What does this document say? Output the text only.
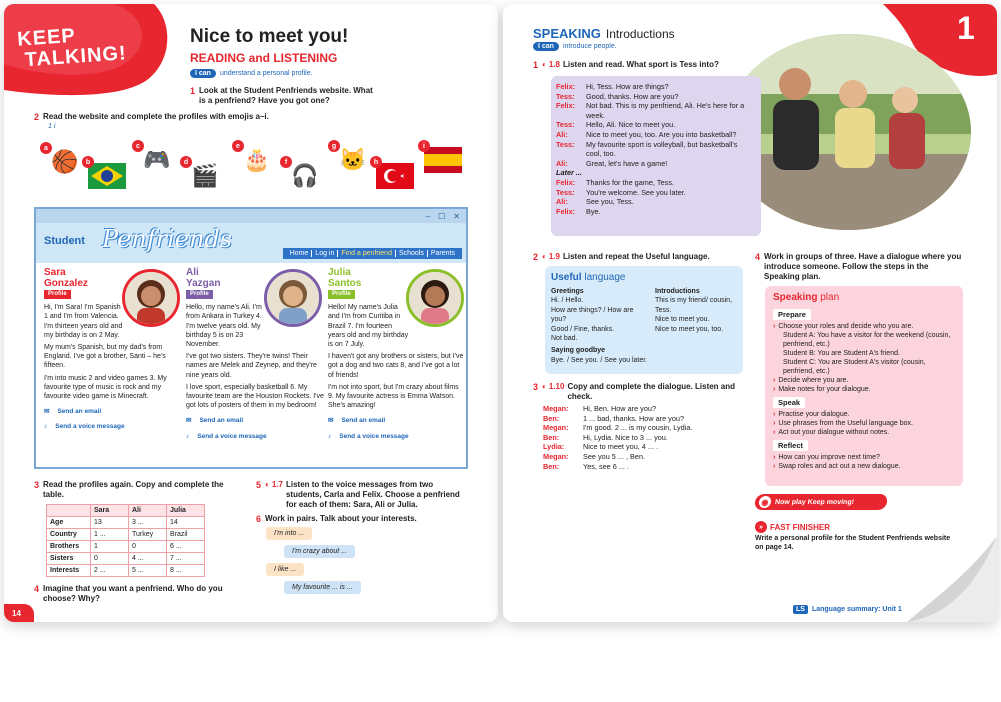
KEEP
TALKING!
Nice to meet you!
READING and LISTENING
I can	understand a personal profile.
1 Look at the Student Penfriends website. What is a penfriend? Have you got one?
2 Read the website and complete the profiles with emojis a–i.
1 i
a
🏀	b
c
🎮	d
🎬
e
🎂	f
🎧
g
🐱	h
i
– ☐ ✕
Student Penfriends
Home	Log in	Find a penfriend	Schools	Parents
Sara
Gonzalez
Profile
Hi, I'm Sara! I'm Spanish 1 and I'm from Valencia. I'm thirteen years old and my birthday is on 2 May.
My mum's Spanish, but my dad's from England. I've got a brother, Santi – he's fifteen.
I'm into music 2 and video games 3. My favourite type of music is rock and my favourite video game is Minecraft.
✉ Send an email
♪ Send a voice message
Ali
Yazgan
Profile
Hello, my name's Ali. I'm from Ankara in Turkey 4. I'm twelve years old. My birthday 5 is on 23 November.
I've got two sisters. They're twins! Their names are Melek and Zeynep, and they're nine years old.
I love sport, especially basketball 6. My favourite team are the Houston Rockets. I've got lots of posters of them in my bedroom!
✉ Send an email
♪ Send a voice message
Julia
Santos
Profile
Hello! My name's Julia and I'm from Curitiba in Brazil 7. I'm fourteen years old and my birthday is on 7 July.
I haven't got any brothers or sisters, but I've got a dog and two cats 8, and I've got a lot of friends!
I'm not into sport, but I'm crazy about films 9. My favourite actress is Emma Watson. She's amazing!
✉ Send an email
♪ Send a voice message
3 Read the profiles again. Copy and complete the table.
	Sara	Ali	Julia
Age	13	3 ...	14
Country	1 ...	Turkey	Brazil
Brothers	1	0	6 ...
Sisters	0	4 ...	7 ...
Interests	2 ...	5 ...	8 ...
4 Imagine that you want a penfriend. Who do you choose? Why?
5 ◐ 1.7 Listen to the voice messages from two students, Carla and Felix. Choose a penfriend for each of them: Sara, Ali or Julia.
6 Work in pairs. Talk about your interests.
I'm into ...
I'm crazy about ...
I like ...
My favourite ... is ...
14
1
SPEAKING Introductions
I can	introduce people.
1 ◐ 1.8 Listen and read. What sport is Tess into?
Felix:	Hi, Tess. How are things?
Tess:	Good, thanks. How are you?
Felix:	Not bad. This is my penfriend, Ali. He's here for a week.
Tess:	Hello, Ali. Nice to meet you.
Ali:	Nice to meet you, too. Are you into basketball?
Tess:	My favourite sport is volleyball, but basketball's cool, too.
Ali:	Great, let's have a game!
Later ...
Felix:	Thanks for the game, Tess.
Tess:	You're welcome. See you later.
Ali:	See you, Tess.
Felix:	Bye.
2 ◐ 1.9 Listen and repeat the Useful language.
Useful language
Greetings
Hi. / Hello.
How are things? / How are you?
Good / Fine, thanks.
Not bad.
Saying goodbye
Bye. / See you. / See you later.
Introductions
This is my friend/ cousin, Tess.
Nice to meet you.
Nice to meet you, too.
3 ◐ 1.10 Copy and complete the dialogue. Listen and check.
Megan:	Hi, Ben. How are you?
Ben:	1 ... bad, thanks. How are you?
Megan:	I'm good. 2 ... is my cousin, Lydia.
Ben:	Hi, Lydia. Nice to 3 ... you.
Lydia:	Nice to meet you, 4 ... .
Megan:	See you 5 ... , Ben.
Ben:	Yes, see 6 ... .
4 Work in groups of three. Have a dialogue where you introduce someone. Follow the steps in the Speaking plan.
Speaking plan
Prepare
› Choose your roles and decide who you are.
Student A: You have a visitor for the weekend (cousin, penfriend, etc.)
Student B: You are Student A's friend.
Student C: You are Student A's visitor (cousin, penfriend, etc.)
› Decide where you are.
› Make notes for your dialogue.
Speak
› Practise your dialogue.
› Use phrases from the Useful language box.
› Act out your dialogue without notes.
Reflect
› How can you improve next time?
› Swap roles and act out a new dialogue.
◉ Now play Keep moving!
» FAST FINISHER
Write a personal profile for the Student Penfriends website on page 14.
LS	Language summary: Unit 1
